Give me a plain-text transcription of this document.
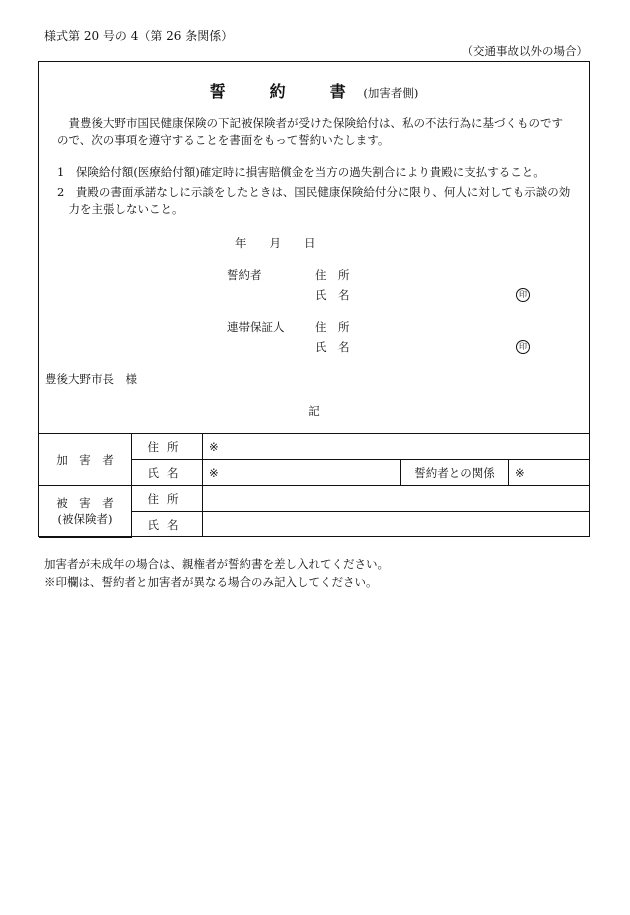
様式第 20 号の 4（第 26 条関係）
（交通事故以外の場合）
誓　約　書 (加害者側)
貴豊後大野市国民健康保険の下記被保険者が受けた保険給付は、私の不法行為に基づくものですので、次の事項を遵守することを書面をもって誓約いたします。
1　保険給付額(医療給付額)確定時に損害賠償金を当方の過失割合により貴殿に支払すること。
2　貴殿の書面承諾なしに示談をしたときは、国民健康保険給付分に限り、何人に対しても示談の効力を主張しないこと。
年　　月　　日
誓約者	住　所
氏　名	印
連帯保証人	住　所
氏　名	印
豊後大野市長　様
記
加　害　者	住所	※		
	氏名	※	誓約者との関係	※

被　害　者
(被保険者)	住所			
	氏名			
加害者が未成年の場合は、親権者が誓約書を差し入れてください。
※印欄は、誓約者と加害者が異なる場合のみ記入してください。
